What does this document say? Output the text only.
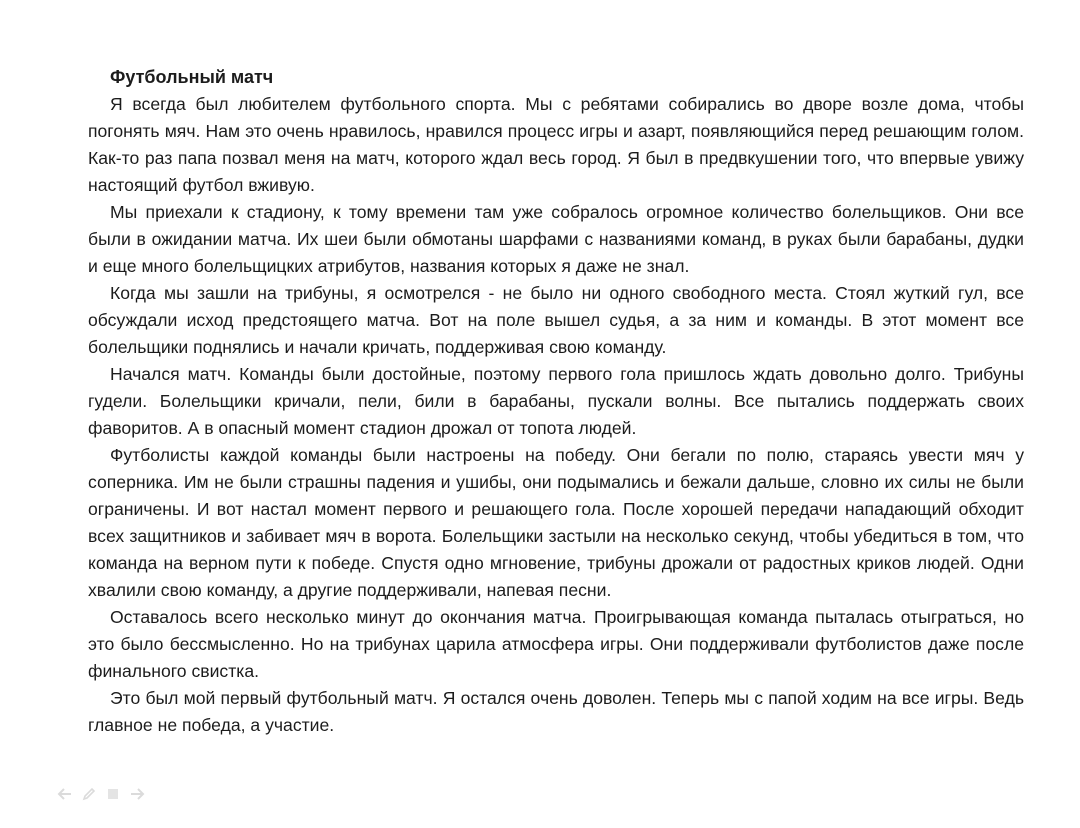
Футбольный матч

Я всегда был любителем футбольного спорта. Мы с ребятами собирались во дворе возле дома, чтобы погонять мяч. Нам это очень нравилось, нравился процесс игры и азарт, появляющийся перед решающим голом. Как-то раз папа позвал меня на матч, которого ждал весь город. Я был в предвкушении того, что впервые увижу настоящий футбол вживую.

Мы приехали к стадиону, к тому времени там уже собралось огромное количество болельщиков. Они все были в ожидании матча. Их шеи были обмотаны шарфами с названиями команд, в руках были барабаны, дудки и еще много болельщицких атрибутов, названия которых я даже не знал.

Когда мы зашли на трибуны, я осмотрелся - не было ни одного свободного места. Стоял жуткий гул, все обсуждали исход предстоящего матча. Вот на поле вышел судья, а за ним и команды. В этот момент все болельщики поднялись и начали кричать, поддерживая свою команду.

Начался матч. Команды были достойные, поэтому первого гола пришлось ждать довольно долго. Трибуны гудели. Болельщики кричали, пели, били в барабаны, пускали волны. Все пытались поддержать своих фаворитов. А в опасный момент стадион дрожал от топота людей.

Футболисты каждой команды были настроены на победу. Они бегали по полю, стараясь увести мяч у соперника. Им не были страшны падения и ушибы, они подымались и бежали дальше, словно их силы не были ограничены. И вот настал момент первого и решающего гола. После хорошей передачи нападающий обходит всех защитников и забивает мяч в ворота. Болельщики застыли на несколько секунд, чтобы убедиться в том, что команда на верном пути к победе. Спустя одно мгновение, трибуны дрожали от радостных криков людей. Одни хвалили свою команду, а другие поддерживали, напевая песни.

Оставалось всего несколько минут до окончания матча. Проигрывающая команда пыталась отыграться, но это было бессмысленно. Но на трибунах царила атмосфера игры. Они поддерживали футболистов даже после финального свистка.

Это был мой первый футбольный матч. Я остался очень доволен. Теперь мы с папой ходим на все игры. Ведь главное не победа, а участие.
